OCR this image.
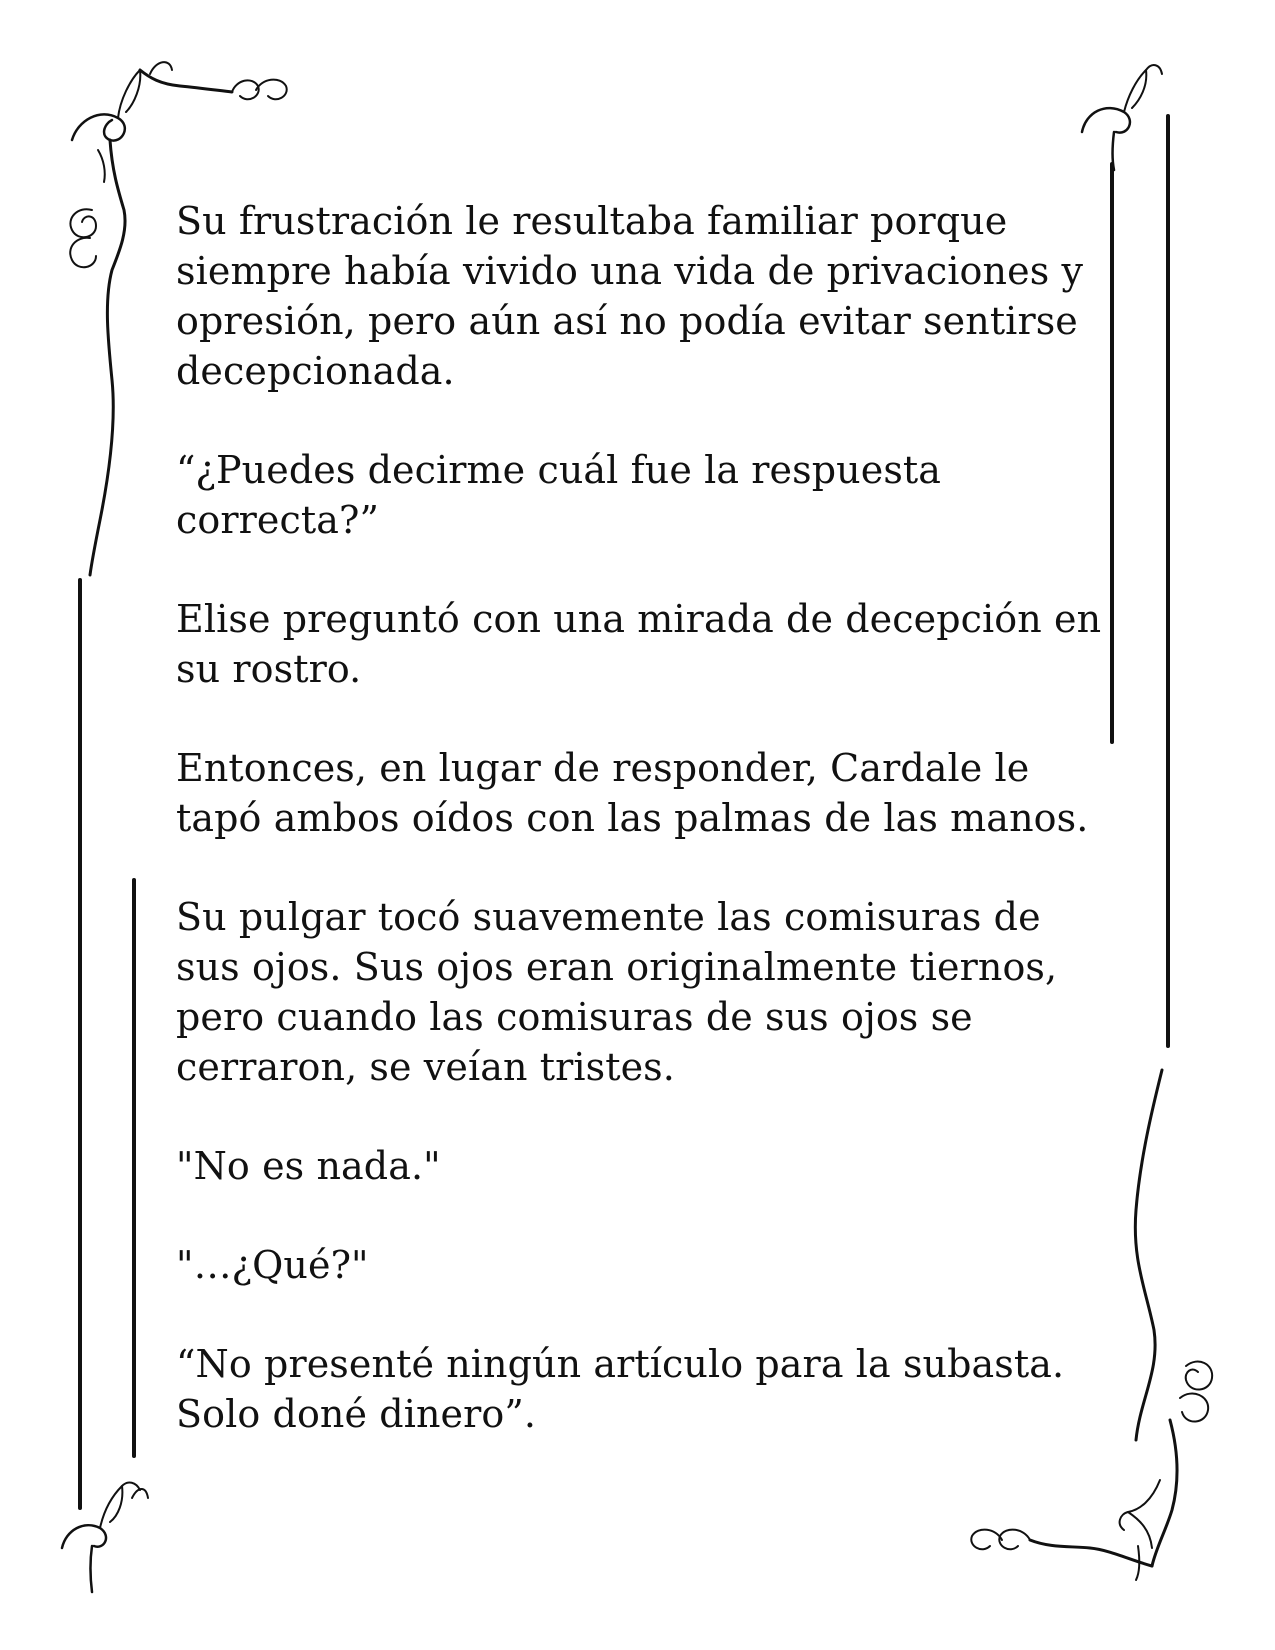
Su frustración le resultaba familiar porque
siempre había vivido una vida de privaciones y
opresión, pero aún así no podía evitar sentirse
decepcionada.

“¿Puedes decirme cuál fue la respuesta
correcta?”

Elise preguntó con una mirada de decepción en
su rostro.

Entonces, en lugar de responder, Cardale le
tapó ambos oídos con las palmas de las manos.

Su pulgar tocó suavemente las comisuras de
sus ojos. Sus ojos eran originalmente tiernos,
pero cuando las comisuras de sus ojos se
cerraron, se veían tristes.

"No es nada."

"…¿Qué?"

“No presenté ningún artículo para la subasta.
Solo doné dinero”.
